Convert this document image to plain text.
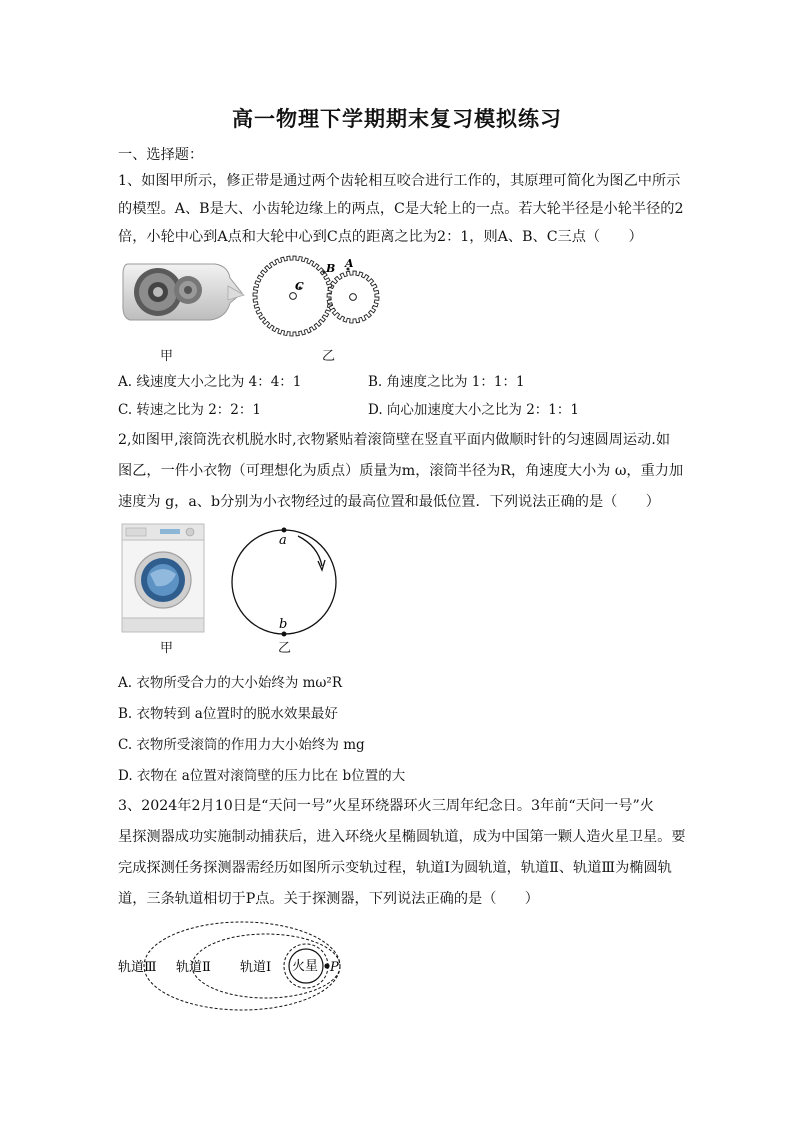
高一物理下学期期末复习模拟练习
一、选择题：
1、如图甲所示，修正带是通过两个齿轮相互咬合进行工作的，其原理可简化为图乙中所示
的模型。A、B是大、小齿轮边缘上的两点，C是大轮上的一点。若大轮半径是小轮半径的2
倍，小轮中心到A点和大轮中心到C点的距离之比为2：1，则A、B、C三点（　　）
C
B A
甲	乙
A. 线速度大小之比为 4：4：1	B. 角速度之比为 1：1：1
C. 转速之比为 2：2：1	D. 向心加速度大小之比为 2：1：1
2,如图甲,滚筒洗衣机脱水时,衣物紧贴着滚筒壁在竖直平面内做顺时针的匀速圆周运动.如
图乙，一件小衣物（可理想化为质点）质量为m，滚筒半径为R，角速度大小为 ω，重力加
速度为 g，a、b分别为小衣物经过的最高位置和最低位置．下列说法正确的是（　　）
a
b
甲	乙
A. 衣物所受合力的大小始终为 mω²R
B. 衣物转到 a位置时的脱水效果最好
C. 衣物所受滚筒的作用力大小始终为 mg
D. 衣物在 a位置对滚筒壁的压力比在 b位置的大
3、2024年2月10日是“天问一号”火星环绕器环火三周年纪念日。3年前“天问一号”火
星探测器成功实施制动捕获后，进入环绕火星椭圆轨道，成为中国第一颗人造火星卫星。要
完成探测任务探测器需经历如图所示变轨过程，轨道Ⅰ为圆轨道，轨道Ⅱ、轨道Ⅲ为椭圆轨
道，三条轨道相切于P点。关于探测器，下列说法正确的是（　　）
轨道Ⅲ 轨道Ⅱ 轨道Ⅰ 火星 P
